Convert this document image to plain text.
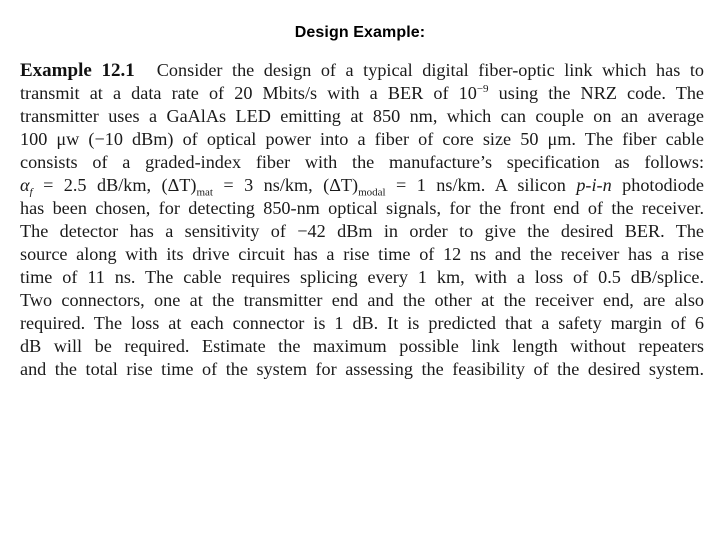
Design Example:
Example 12.1 Consider the design of a typical digital fiber-optic link which has to
transmit at a data rate of 20 Mbits/s with a BER of $10^{-9}$ using the NRZ code. The
transmitter uses a GaAlAs LED emitting at 850 nm, which can couple on an average
100 μw (−10 dBm) of optical power into a fiber of core size 50 μm. The fiber cable
consists of a graded-index fiber with the manufacture’s specification as follows:
$\alpha_f = 2.5$ dB/km, $(\Delta T)_{mat} = 3$ ns/km, $(\Delta T)_{modal} = 1$ ns/km. A silicon p-i-n photodiode
has been chosen, for detecting 850-nm optical signals, for the front end of the receiver.
The detector has a sensitivity of −42 dBm in order to give the desired BER. The
source along with its drive circuit has a rise time of 12 ns and the receiver has a rise
time of 11 ns. The cable requires splicing every 1 km, with a loss of 0.5 dB/splice.
Two connectors, one at the transmitter end and the other at the receiver end, are also
required. The loss at each connector is 1 dB. It is predicted that a safety margin of 6
dB will be required. Estimate the maximum possible link length without repeaters
and the total rise time of the system for assessing the feasibility of the desired system.
